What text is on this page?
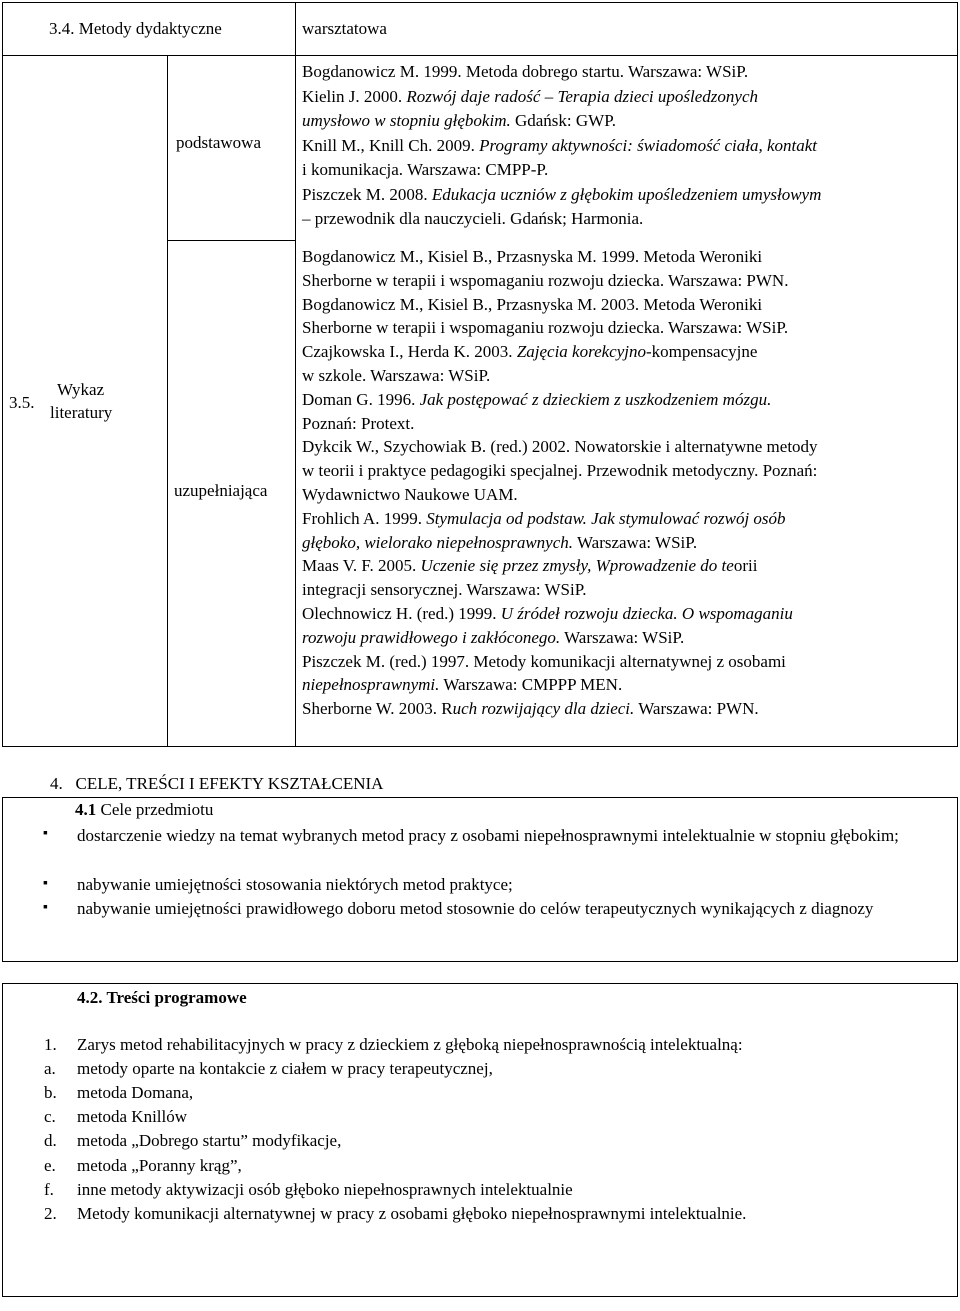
3.4. Metody dydaktyczne	warsztatowa
3.5.
Wykaz
literatury
podstawowa
uzupełniająca
Bogdanowicz M. 1999. Metoda dobrego startu. Warszawa: WSiP.
Kielin J. 2000. Rozwój daje radość – Terapia dzieci upośledzonych
umysłowo w stopniu głębokim. Gdańsk: GWP.
Knill M., Knill Ch. 2009. Programy aktywności: świadomość ciała, kontakt
i komunikacja. Warszawa: CMPP-P.
Piszczek M. 2008. Edukacja uczniów z głębokim upośledzeniem umysłowym
– przewodnik dla nauczycieli. Gdańsk; Harmonia.
Bogdanowicz M., Kisiel B., Przasnyska M. 1999. Metoda Weroniki
Sherborne w terapii i wspomaganiu rozwoju dziecka. Warszawa: PWN.
Bogdanowicz M., Kisiel B., Przasnyska M. 2003. Metoda Weroniki
Sherborne w terapii i wspomaganiu rozwoju dziecka. Warszawa: WSiP.
Czajkowska I., Herda K. 2003. Zajęcia korekcyjno-kompensacyjne
w szkole. Warszawa: WSiP.
Doman G. 1996. Jak postępować z dzieckiem z uszkodzeniem mózgu.
Poznań: Protext.
Dykcik W., Szychowiak B. (red.) 2002. Nowatorskie i alternatywne metody
w teorii i praktyce pedagogiki specjalnej. Przewodnik metodyczny. Poznań:
Wydawnictwo Naukowe UAM.
Frohlich A. 1999. Stymulacja od podstaw. Jak stymulować rozwój osób
głęboko, wielorako niepełnosprawnych. Warszawa: WSiP.
Maas V. F. 2005. Uczenie się przez zmysły, Wprowadzenie do teorii
integracji sensorycznej. Warszawa: WSiP.
Olechnowicz H. (red.) 1999. U źródeł rozwoju dziecka. O wspomaganiu
rozwoju prawidłowego i zakłóconego. Warszawa: WSiP.
Piszczek M. (red.) 1997. Metody komunikacji alternatywnej z osobami
niepełnosprawnymi. Warszawa: CMPPP MEN.
Sherborne W. 2003. Ruch rozwijający dla dzieci. Warszawa: PWN.
4.   CELE, TREŚCI I EFEKTY KSZTAŁCENIA
4.1 Cele przedmiotu
▪ dostarczenie wiedzy na temat wybranych metod pracy z osobami niepełnosprawnymi intelektualnie w stopniu głębokim;
▪ nabywanie umiejętności stosowania niektórych metod praktyce;
▪ nabywanie umiejętności prawidłowego doboru metod stosownie do celów terapeutycznych wynikających z diagnozy
4.2. Treści programowe
1. Zarys metod rehabilitacyjnych w pracy z dzieckiem z głęboką niepełnosprawnością intelektualną:
a. metody oparte na kontakcie z ciałem w pracy terapeutycznej,
b. metoda Domana,
c. metoda Knillów
d. metoda „Dobrego startu” modyfikacje,
e. metoda „Poranny krąg”,
f. inne metody aktywizacji osób głęboko niepełnosprawnych intelektualnie
2. Metody komunikacji alternatywnej w pracy z osobami głęboko niepełnosprawnymi intelektualnie.
